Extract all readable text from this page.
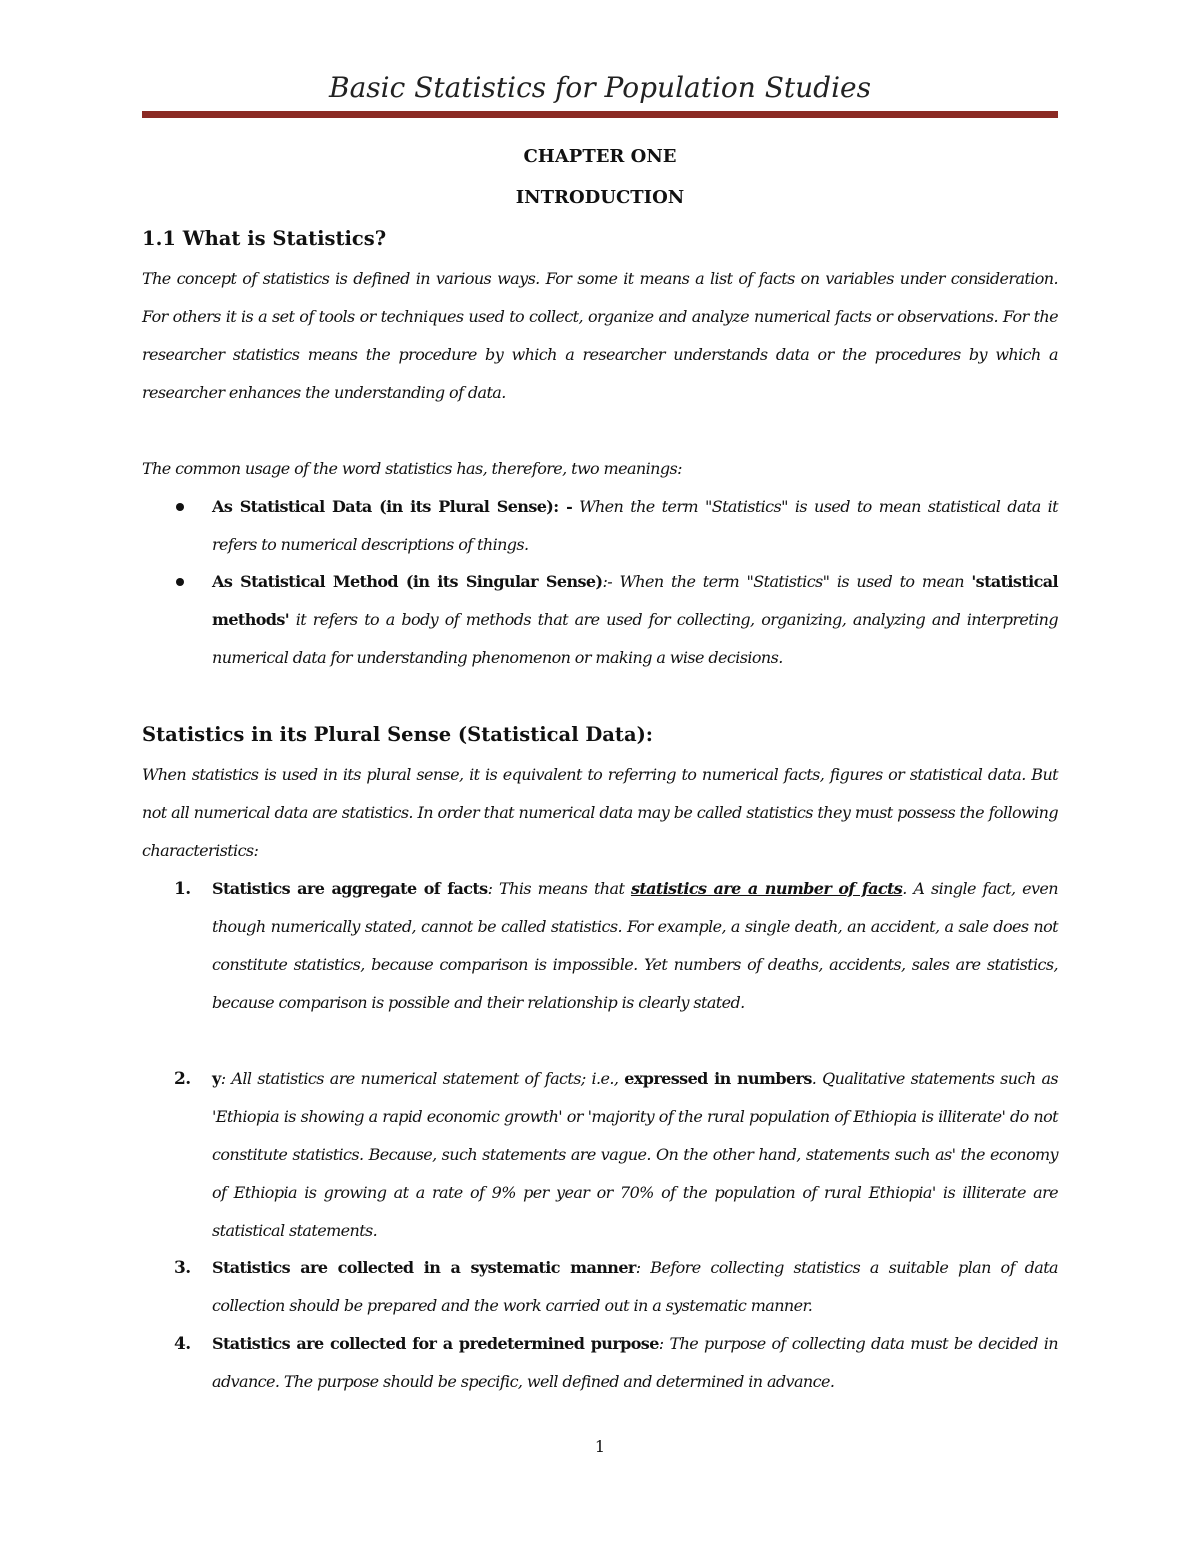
Basic Statistics for Population Studies
CHAPTER ONE
INTRODUCTION
1.1 What is Statistics?
The concept of statistics is defined in various ways. For some it means a list of facts on variables under consideration. For others it is a set of tools or techniques used to collect, organize and analyze numerical facts or observations. For the researcher statistics means the procedure by which a researcher understands data or the procedures by which a researcher enhances the understanding of data.
The common usage of the word statistics has, therefore, two meanings:
As Statistical Data (in its Plural Sense): - When the term "Statistics" is used to mean statistical data it refers to numerical descriptions of things.
As Statistical Method (in its Singular Sense):- When the term "Statistics" is used to mean 'statistical methods' it refers to a body of methods that are used for collecting, organizing, analyzing and interpreting numerical data for understanding phenomenon or making a wise decisions.
Statistics in its Plural Sense (Statistical Data):
When statistics is used in its plural sense, it is equivalent to referring to numerical facts, figures or statistical data. But not all numerical data are statistics. In order that numerical data may be called statistics they must possess the following characteristics:
1.	Statistics are aggregate of facts: This means that statistics are a number of facts. A single fact, even though numerically stated, cannot be called statistics. For example, a single death, an accident, a sale does not constitute statistics, because comparison is impossible. Yet numbers of deaths, accidents, sales are statistics, because comparison is possible and their relationship is clearly stated.
2.	y: All statistics are numerical statement of facts; i.e., expressed in numbers. Qualitative statements such as 'Ethiopia is showing a rapid economic growth' or 'majority of the rural population of Ethiopia is illiterate' do not constitute statistics. Because, such statements are vague. On the other hand, statements such as' the economy of Ethiopia is growing at a rate of 9% per year or 70% of the population of rural Ethiopia' is illiterate are statistical statements.
3.	Statistics are collected in a systematic manner: Before collecting statistics a suitable plan of data collection should be prepared and the work carried out in a systematic manner.
4.	Statistics are collected for a predetermined purpose: The purpose of collecting data must be decided in advance. The purpose should be specific, well defined and determined in advance.
1
